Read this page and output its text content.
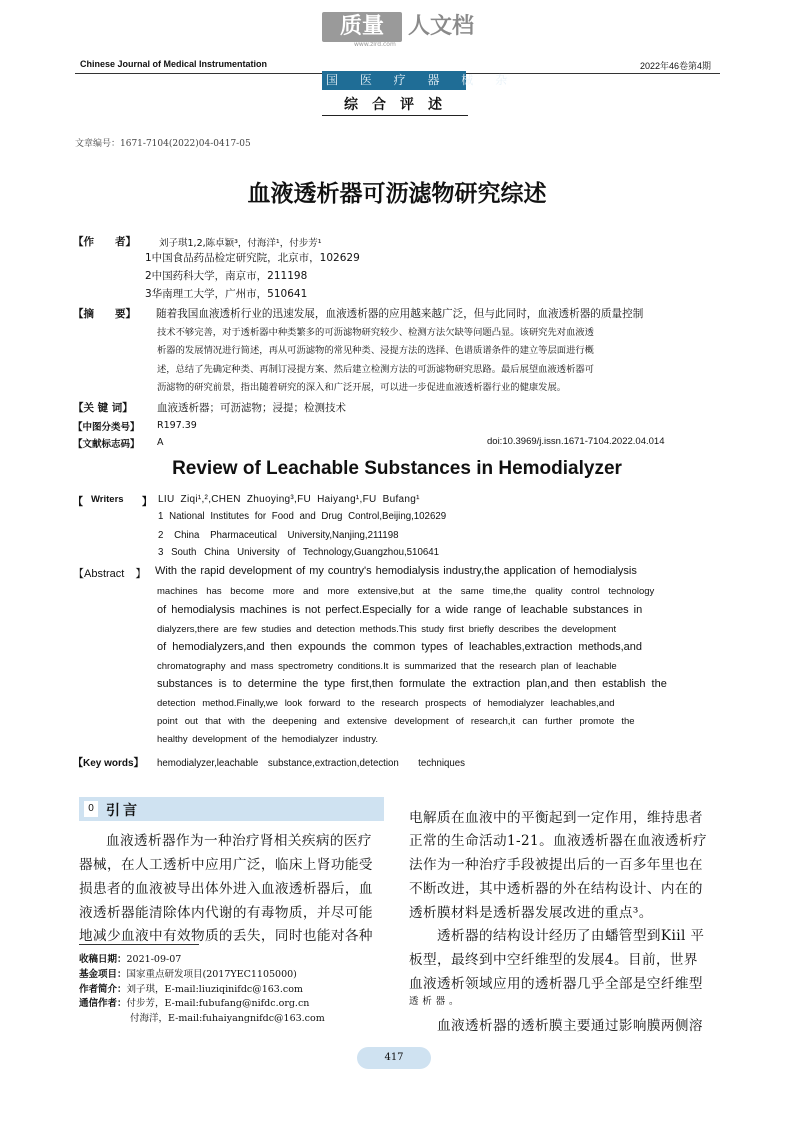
质量	人文档
www.zlrd.com
Chinese Journal of Medical Instrumentation	2022年46卷第4期
国 医 疗 器 械 杂
综合评述
文章编号：1671-7104(2022)04-0417-05
血液透析器可沥滤物研究综述
【作　　者】 刘子琪1,2,陈卓颖³，付海洋¹，付步芳¹
1中国食品药品检定研究院，北京市，102629
2中国药科大学，南京市，211198
3华南理工大学，广州市，510641
【摘　　要】 随着我国血液透析行业的迅速发展，血液透析器的应用越来越广泛，但与此同时，血液透析器的质量控制
技术不够完善，对于透析器中种类繁多的可沥滤物研究较少、检测方法欠缺等问题凸显。该研究先对血液透
析器的发展情况进行简述，再从可沥滤物的常见种类、浸提方法的选择、色谱质谱条件的建立等层面进行概
述，总结了先确定种类、再制订浸提方案、然后建立检测方法的可沥滤物研究思路。最后展望血液透析器可
沥滤物的研究前景，指出随着研究的深入和广泛开展，可以进一步促进血液透析器行业的健康发展。
【关 键 词】 血液透析器；可沥滤物；浸提；检测技术
【中图分类号】 R197.39
【文献标志码】 A	doi:10.3969/j.issn.1671-7104.2022.04.014
Review of Leachable Substances in Hemodialyzer
【 Writers 】 LIU Ziqi¹,²,CHEN Zhuoying³,FU Haiyang¹,FU Bufang¹
1 National Institutes for Food and Drug Control,Beijing,102629
2 China Pharmaceutical University,Nanjing,211198
3 South China University of Technology,Guangzhou,510641
【Abstract　】 With the rapid development of my country's hemodialysis industry,the application of hemodialysis
machines has become more and more extensive,but at the same time,the quality control technology
of hemodialysis machines is not perfect.Especially for a wide range of leachable substances in
dialyzers,there are few studies and detection methods.This study first briefly describes the development
of hemodialyzers,and then expounds the common types of leachables,extraction methods,and
chromatography and mass spectrometry conditions.It is summarized that the research plan of leachable
substances is to determine the type first,then formulate the extraction plan,and then establish the
detection method.Finally,we look forward to the research prospects of hemodialyzer leachables,and
point out that with the deepening and extensive development of research,it can further promote the
healthy development of the hemodialyzer industry.
【Key words】 hemodialyzer,leachable　substance,extraction,detection　　techniques
0 引言
血液透析器作为一种治疗肾相关疾病的医疗
器械，在人工透析中应用广泛，临床上肾功能受
损患者的血液被导出体外进入血液透析器后，血
液透析器能清除体内代谢的有毒物质，并尽可能
地减少血液中有效物质的丢失，同时也能对各种
收稿日期：2021-09-07
基金项目：国家重点研发项目(2017YEC1105000)
作者简介：刘子琪，E-mail:liuziqinifdc@163.com
通信作者：付步芳，E-mail:fubufang@nifdc.org.cn
付海洋，E-mail:fuhaiyangnifdc@163.com
电解质在血液中的平衡起到一定作用，维持患者
正常的生命活动1-21。血液透析器在血液透析疗
法作为一种治疗手段被提出后的一百多年里也在
不断改进，其中透析器的外在结构设计、内在的
透析膜材料是透析器发展改进的重点³。
透析器的结构设计经历了由蟠管型到Kiil 平
板型，最终到中空纤维型的发展4。目前，世界
血液透析领域应用的透析器几乎全部是空纤维型
透 析 器 。
血液透析器的透析膜主要通过影响膜两侧溶
417
